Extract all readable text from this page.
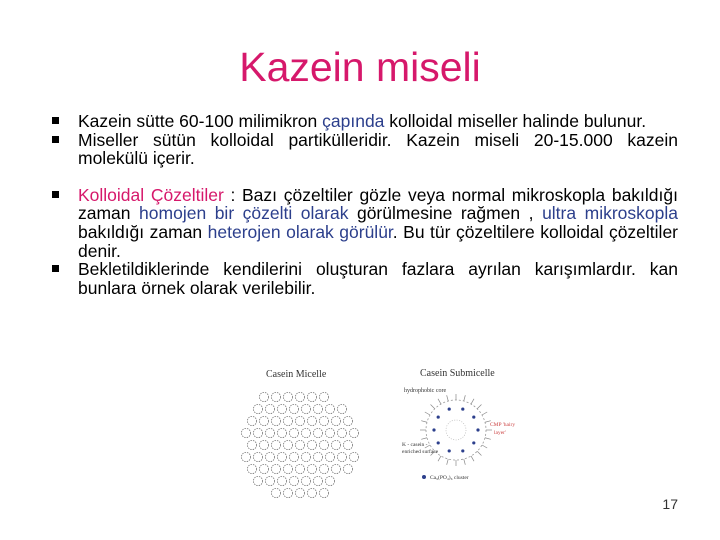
Kazein miseli

Kazein sütte 60-100 milimikron çapında kolloidal miseller halinde bulunur.

Miseller sütün kolloidal partikülleridir. Kazein miseli 20-15.000 kazein molekülü içerir.

Kolloidal Çözeltiler : Bazı çözeltiler gözle veya normal mikroskopla bakıldığı zaman homojen bir çözelti olarak görülmesine rağmen , ultra mikroskopla bakıldığı zaman heterojen olarak görülür. Bu tür çözeltilere kolloidal çözeltiler denir.

Bekletildiklerinde kendilerini oluşturan fazlara ayrılan karışımlardır. kan bunlara örnek olarak verilebilir.

Casein Micelle	Casein Submicelle
hydrophobic core
CMP 'hairy
layer'
K - casein -
enriched surface
Ca₉(PO₄)₆ cluster
17
